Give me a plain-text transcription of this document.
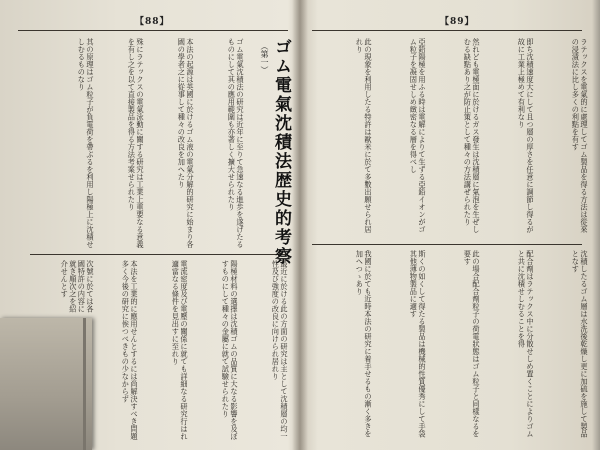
【88】
ゴム電氣沈積法の研究は近年に至りて急速なる進歩を遂げたるものにして其の應用範圍も亦著しく擴大せられたり
本法の起源は英國に於けるゴム液の電氣分解的研究に始まり各國の學者之に從事して種々の改良を加へたり
殊にラテックスの電氣泳動に關する研究は工業上重要なる意義を有し之を以て直接製品を得る方法考案せられたり
其の原理はゴム粒子が負電荷を帶ぶるを利用し陽極上に沈積せしむるものなり
最近に於ける此の方面の研究は主として沈積層の均一性及び強度の改良に向けられ居れり
陽極材料の選擇は沈積ゴムの品質に大なる影響を及ぼすものにして種々の金屬に就て試驗せられたり
電流密度及び電壓の關係に就ても詳細なる研究行はれ適當なる條件を見出すに至れり
本法を工業的に應用せんとするには尚解決すべき問題多く今後の研究に俟つべきもの少なからず
次號に於ては各國特許の内容に就き順次之を紹介せんとす
ゴム電氣沈積法歴史的考察
（第一）
【89】
ラテックスを電氣的に處理してゴム製品を得る方法は從來の浸漬法に比し多くの利點を有す
即ち沈積速度大にして且つ層の厚さを任意に調節し得るが故に工業上極めて有利なり
然れども電極面に於けるガス發生は沈積層に氣泡を生ぜしむる缺點あり之が防止策として種々の方法講ぜられたり
亞鉛陽極を用ふる時は電解によりて生ずる亞鉛イオンがゴム粒子を凝固せしめ緻密なる層を得べし
此の現象を利用したる特許は歐米に於て多數出願せられ居れり
沈積したるゴム層は水洗後乾燥し更に加硫を施して製品となす
配合劑はラテックス中に分散せしめ置くことによりゴムと共に沈積せしむることを得
此の場合配合劑粒子の荷電狀態はゴム粒子と同樣なるを要す
斯くの如くして得たる製品は機械的性質優秀にして手袋其他薄物製品に適す
我國に於ても近時本法の研究に着手せるもの漸く多きを加へつゝあり
